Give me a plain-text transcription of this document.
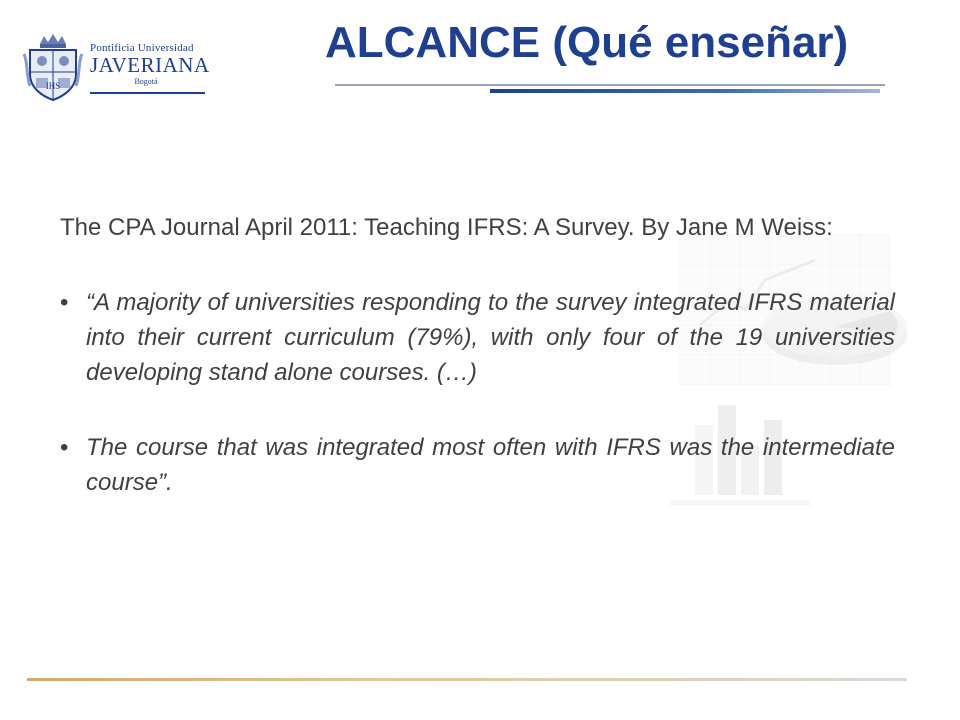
IHS
Pontificia Universidad
JAVERIANA
Bogotá
ALCANCE (Qué enseñar)

The CPA Journal April 2011: Teaching IFRS: A Survey. By Jane M Weiss:

• “A majority of universities responding to the survey integrated IFRS material into their current curriculum (79%), with only four of the 19 universities developing stand alone courses. (…)
• The course that was integrated most often with IFRS was the intermediate course”.
